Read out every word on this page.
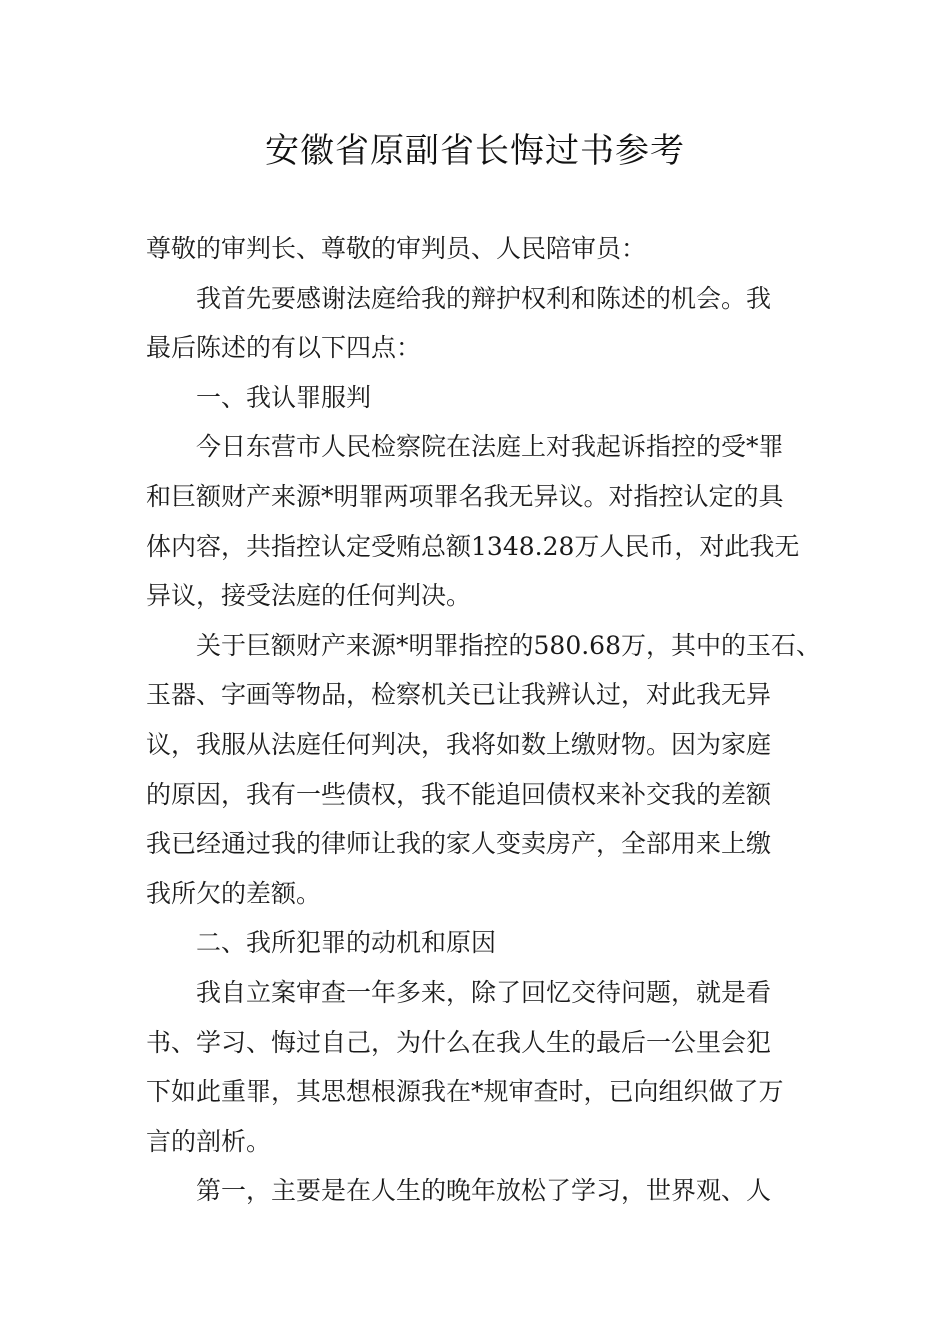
安徽省原副省长悔过书参考
尊敬的审判长、尊敬的审判员、人民陪审员：
我首先要感谢法庭给我的辩护权利和陈述的机会。我
最后陈述的有以下四点：
一、我认罪服判
今日东营市人民检察院在法庭上对我起诉指控的受*罪
和巨额财产来源*明罪两项罪名我无异议。对指控认定的具
体内容，共指控认定受贿总额1348.28万人民币，对此我无
异议，接受法庭的任何判决。
关于巨额财产来源*明罪指控的580.68万，其中的玉石、
玉器、字画等物品，检察机关已让我辨认过，对此我无异
议，我服从法庭任何判决，我将如数上缴财物。因为家庭
的原因，我有一些债权，我不能追回债权来补交我的差额
我已经通过我的律师让我的家人变卖房产，全部用来上缴
我所欠的差额。
二、我所犯罪的动机和原因
我自立案审查一年多来，除了回忆交待问题，就是看
书、学习、悔过自己，为什么在我人生的最后一公里会犯
下如此重罪，其思想根源我在*规审查时，已向组织做了万
言的剖析。
第一，主要是在人生的晚年放松了学习，世界观、人
